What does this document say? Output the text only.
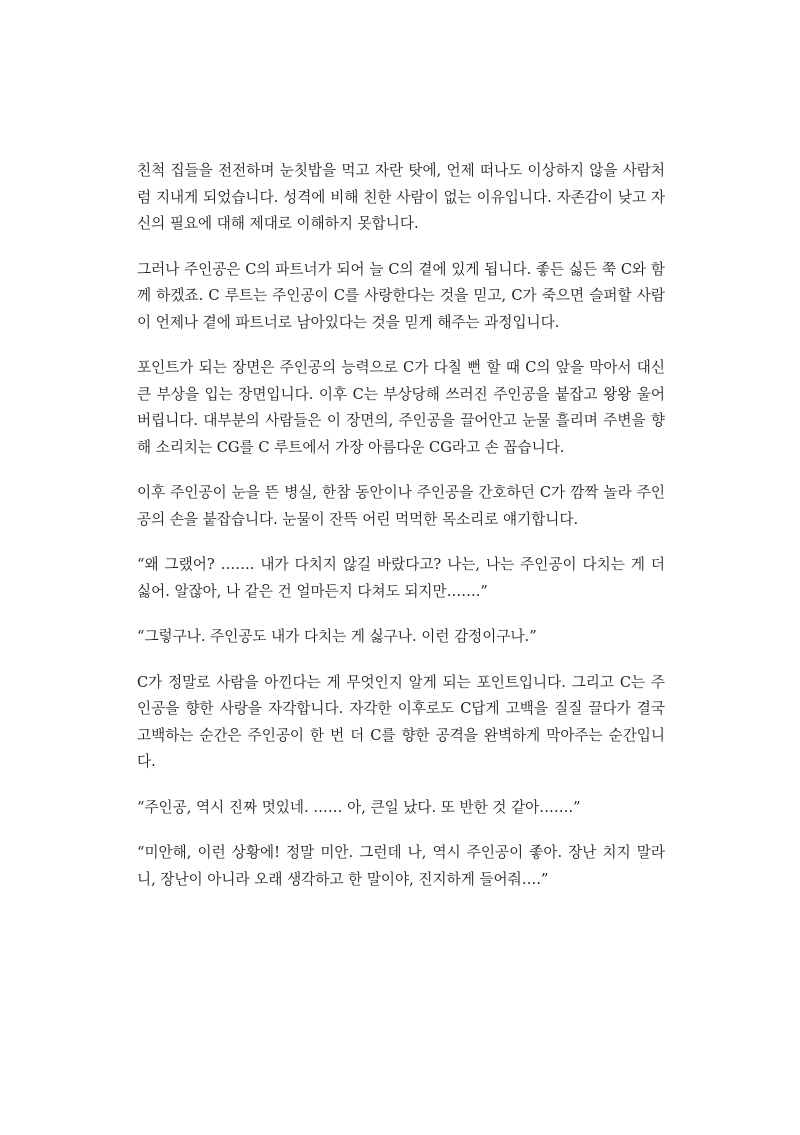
친척 집들을 전전하며 눈칫밥을 먹고 자란 탓에, 언제 떠나도 이상하지 않을 사람처럼 지내게 되었습니다. 성격에 비해 친한 사람이 없는 이유입니다. 자존감이 낮고 자신의 필요에 대해 제대로 이해하지 못합니다.

그러나 주인공은 C의 파트너가 되어 늘 C의 곁에 있게 됩니다. 좋든 싫든 쭉 C와 함께 하겠죠. C 루트는 주인공이 C를 사랑한다는 것을 믿고, C가 죽으면 슬퍼할 사람이 언제나 곁에 파트너로 남아있다는 것을 믿게 해주는 과정입니다.

포인트가 되는 장면은 주인공의 능력으로 C가 다칠 뻔 할 때 C의 앞을 막아서 대신 큰 부상을 입는 장면입니다. 이후 C는 부상당해 쓰러진 주인공을 붙잡고 왕왕 울어버립니다. 대부분의 사람들은 이 장면의, 주인공을 끌어안고 눈물 흘리며 주변을 향해 소리치는 CG를 C 루트에서 가장 아름다운 CG라고 손 꼽습니다.

이후 주인공이 눈을 뜬 병실, 한참 동안이나 주인공을 간호하던 C가 깜짝 놀라 주인공의 손을 붙잡습니다. 눈물이 잔뜩 어린 먹먹한 목소리로 얘기합니다.

“왜 그랬어? ……. 내가 다치지 않길 바랐다고? 나는, 나는 주인공이 다치는 게 더 싫어. 알잖아, 나 같은 건 얼마든지 다쳐도 되지만…….”

“그렇구나. 주인공도 내가 다치는 게 싫구나. 이런 감정이구나.”

C가 정말로 사람을 아낀다는 게 무엇인지 알게 되는 포인트입니다. 그리고 C는 주인공을 향한 사랑을 자각합니다. 자각한 이후로도 C답게 고백을 질질 끌다가 결국 고백하는 순간은 주인공이 한 번 더 C를 향한 공격을 완벽하게 막아주는 순간입니다.

“주인공, 역시 진짜 멋있네. …… 아, 큰일 났다. 또 반한 것 같아…….”

“미안해, 이런 상황에! 정말 미안. 그런데 나, 역시 주인공이 좋아. 장난 치지 말라니, 장난이 아니라 오래 생각하고 한 말이야, 진지하게 들어줘….”
